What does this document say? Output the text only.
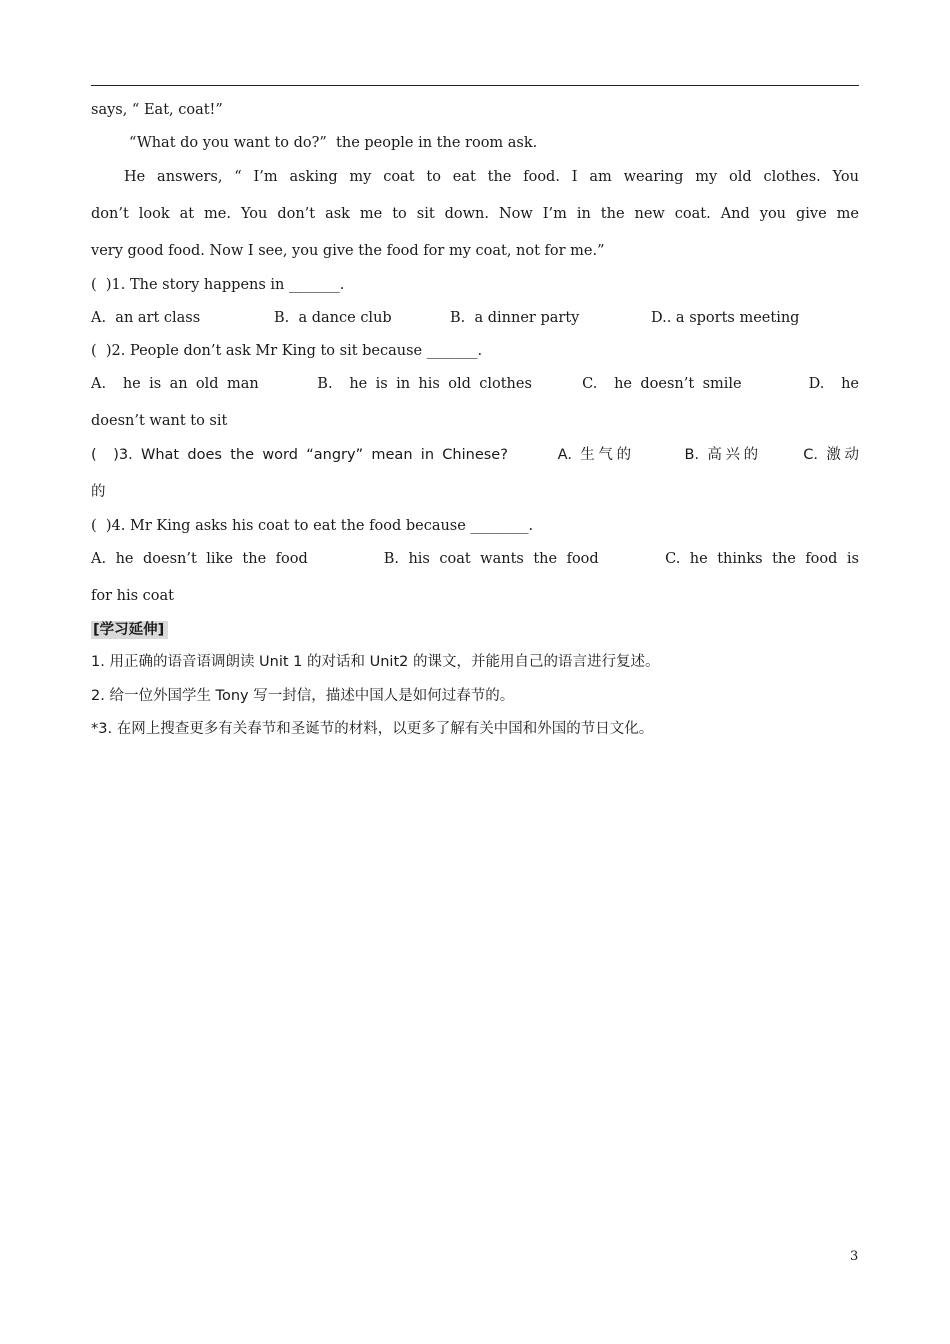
says, “ Eat, coat!”
“What do you want to do?”  the people in the room ask.
He answers, “ I’m asking my coat to eat the food. I am wearing my old clothes. You
don’t look at me. You don’t ask me to sit down. Now I’m in the new coat. And you give me
very good food. Now I see, you give the food for my coat, not for me.”
(  )1. The story happens in _______.
A.  an art class	B.  a dance club	B.  a dinner party	D.. a sports meeting
(  )2. People don’t ask Mr King to sit because _______.
A.  he is an old man       B.  he is in his old clothes      C.  he doesn’t smile        D.  he
doesn’t want to sit
(  )3. What does the word “angry” mean in Chinese?      A. 生气的      B. 高兴的     C. 激动
的
(  )4. Mr King asks his coat to eat the food because ________.
A. he doesn’t like the food        B. his coat wants the food       C. he thinks the food is
for his coat
[学习延伸]
1. 用正确的语音语调朗读 Unit 1 的对话和 Unit2 的课文，并能用自己的语言进行复述。
2. 给一位外国学生 Tony 写一封信，描述中国人是如何过春节的。
*3. 在网上搜查更多有关春节和圣诞节的材料，以更多了解有关中国和外国的节日文化。
3
